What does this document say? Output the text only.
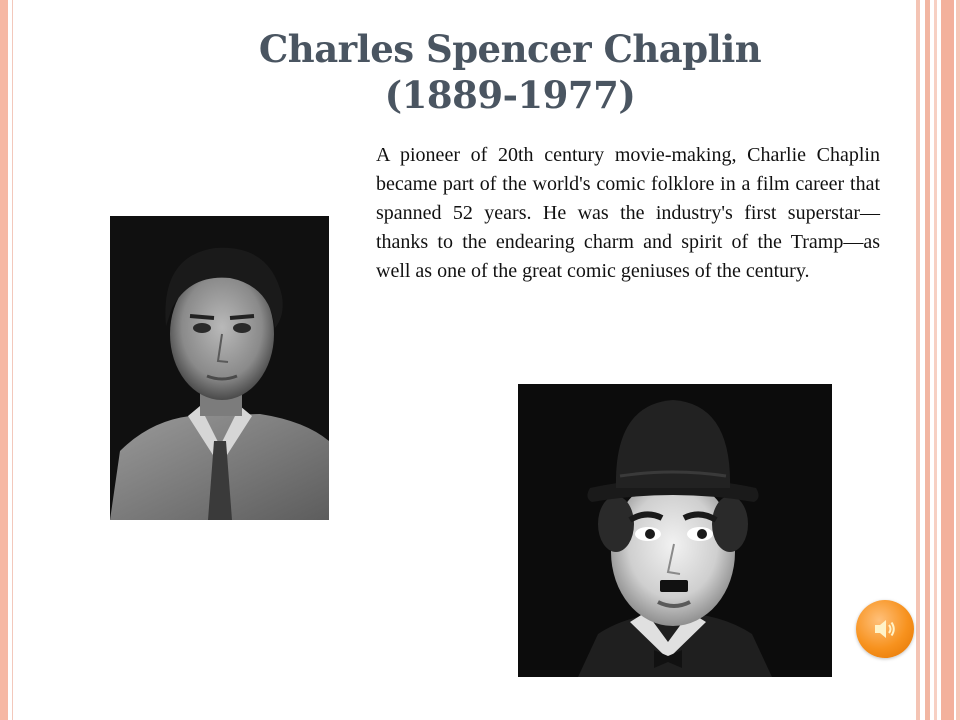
Charles Spencer Chaplin
(1889-1977)

A pioneer of 20th century movie-making, Charlie Chaplin became part of the world's comic folklore in a film career that spanned 52 years. He was the industry's first superstar—thanks to the endearing charm and spirit of the Tramp—as well as one of the great comic geniuses of the century.
